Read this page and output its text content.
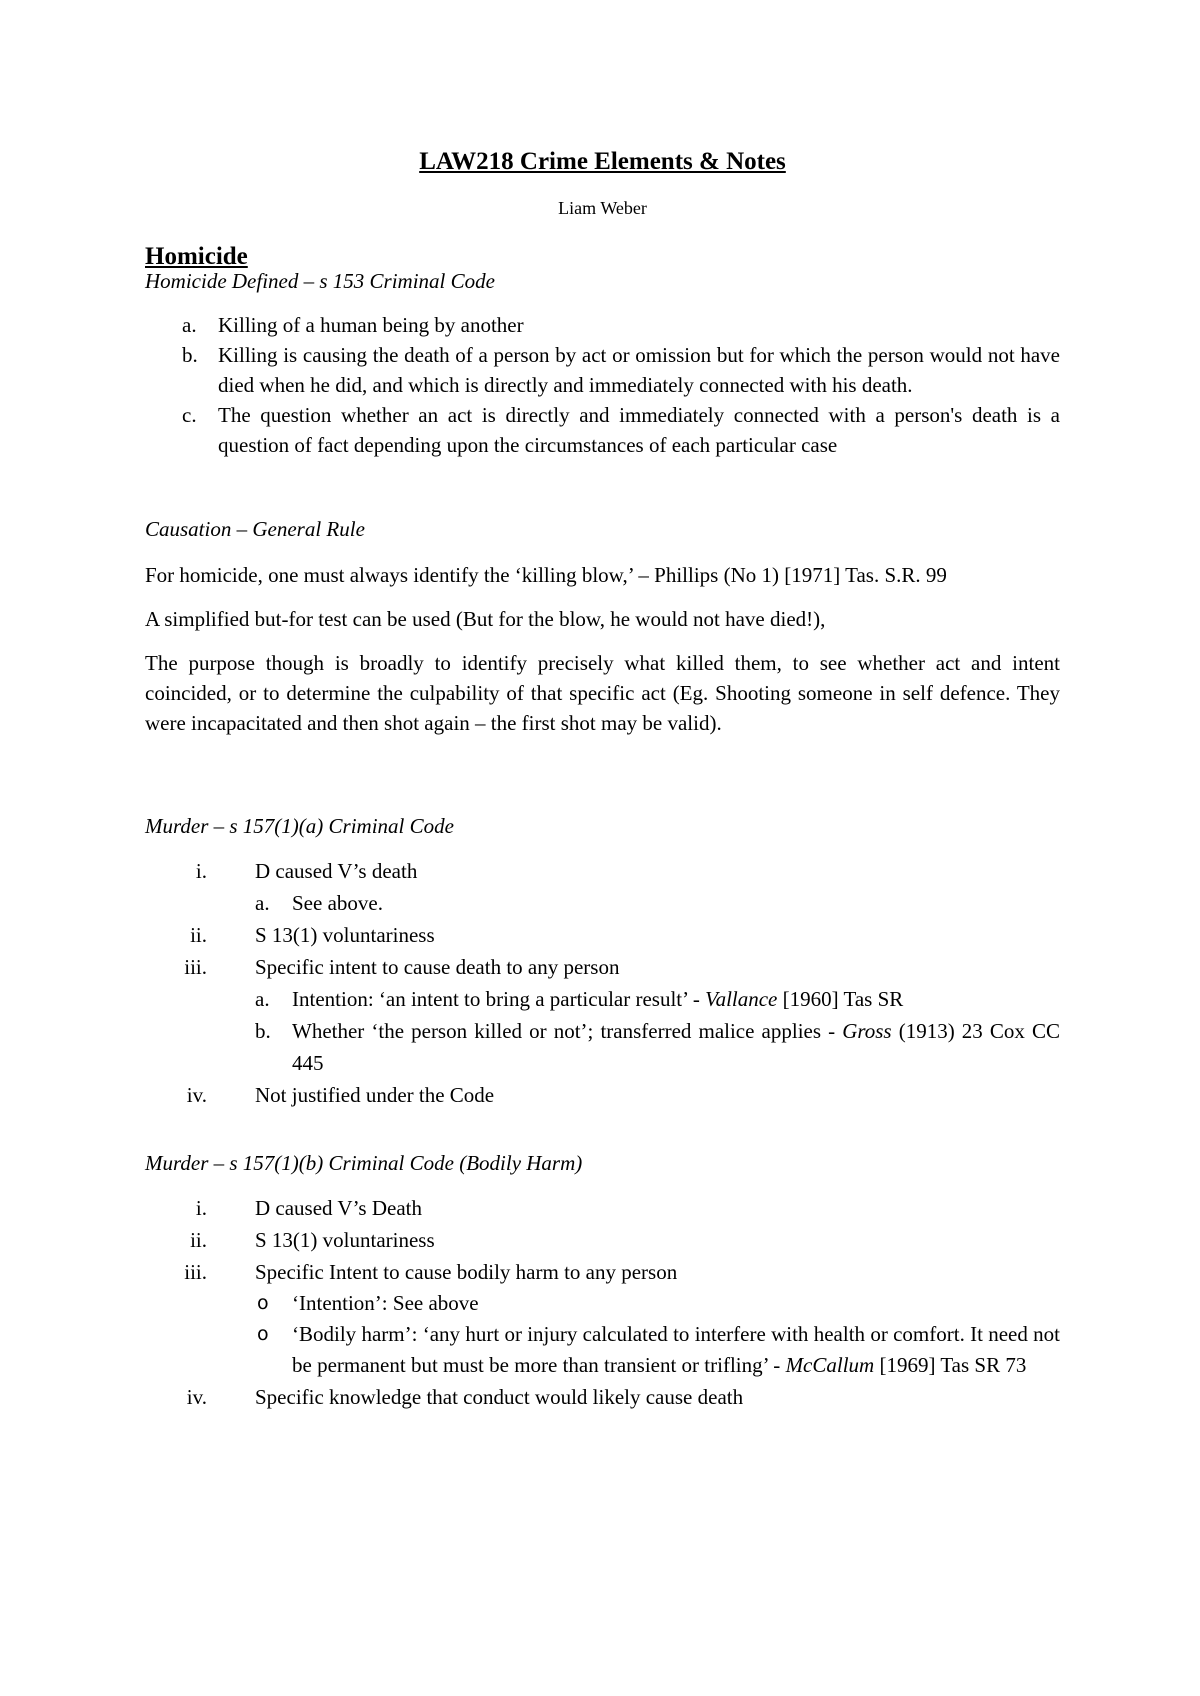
LAW218 Crime Elements & Notes

Liam Weber

Homicide

Homicide Defined – s 153 Criminal Code

a. Killing of a human being by another
b. Killing is causing the death of a person by act or omission but for which the person would not have died when he did, and which is directly and immediately connected with his death.
c. The question whether an act is directly and immediately connected with a person's death is a question of fact depending upon the circumstances of each particular case

Causation – General Rule

For homicide, one must always identify the ‘killing blow,’ – Phillips (No 1) [1971] Tas. S.R. 99

A simplified but-for test can be used (But for the blow, he would not have died!),

The purpose though is broadly to identify precisely what killed them, to see whether act and intent coincided, or to determine the culpability of that specific act (Eg. Shooting someone in self defence. They were incapacitated and then shot again – the first shot may be valid).

Murder – s 157(1)(a) Criminal Code

i. D caused V’s death
a. See above.
ii. S 13(1) voluntariness
iii. Specific intent to cause death to any person
a. Intention: ‘an intent to bring a particular result’ - Vallance [1960] Tas SR
b. Whether ‘the person killed or not’; transferred malice applies - Gross (1913) 23 Cox CC 445
iv. Not justified under the Code

Murder – s 157(1)(b) Criminal Code (Bodily Harm)

i. D caused V’s Death
ii. S 13(1) voluntariness
iii. Specific Intent to cause bodily harm to any person
o ‘Intention’: See above
o ‘Bodily harm’: ‘any hurt or injury calculated to interfere with health or comfort. It need not be permanent but must be more than transient or trifling’ - McCallum [1969] Tas SR 73
iv. Specific knowledge that conduct would likely cause death
